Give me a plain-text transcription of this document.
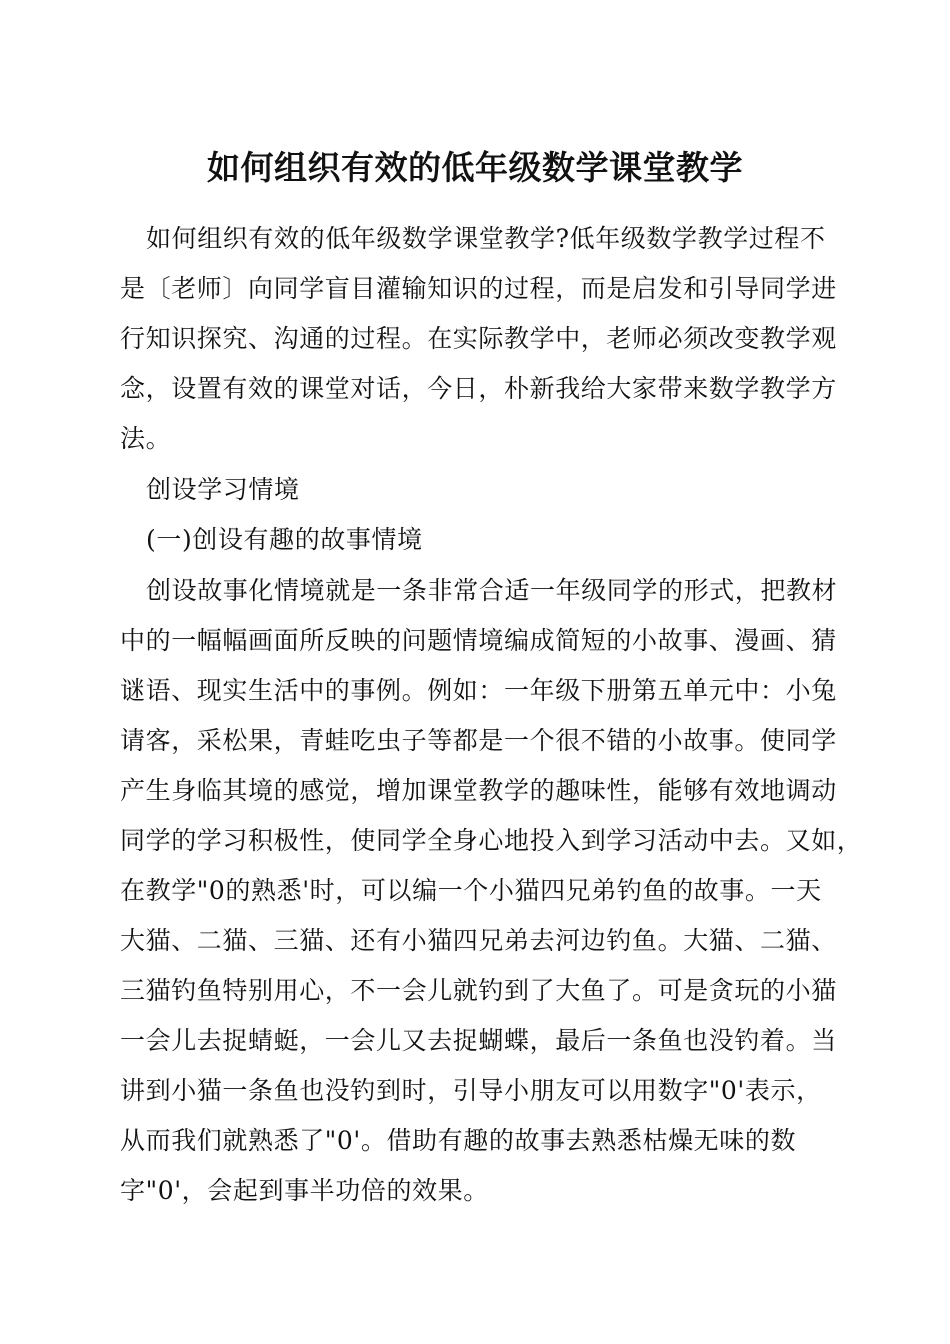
如何组织有效的低年级数学课堂教学
如何组织有效的低年级数学课堂教学?低年级数学教学过程不
是〔老师〕向同学盲目灌输知识的过程，而是启发和引导同学进
行知识探究、沟通的过程。在实际教学中，老师必须改变教学观
念，设置有效的课堂对话，今日，朴新我给大家带来数学教学方
法。
创设学习情境
(一)创设有趣的故事情境
创设故事化情境就是一条非常合适一年级同学的形式，把教材
中的一幅幅画面所反映的问题情境编成简短的小故事、漫画、猜
谜语、现实生活中的事例。例如：一年级下册第五单元中：小兔
请客，采松果，青蛙吃虫子等都是一个很不错的小故事。使同学
产生身临其境的感觉，增加课堂教学的趣味性，能够有效地调动
同学的学习积极性，使同学全身心地投入到学习活动中去。又如，
在教学"0的熟悉'时，可以编一个小猫四兄弟钓鱼的故事。一天
大猫、二猫、三猫、还有小猫四兄弟去河边钓鱼。大猫、二猫、
三猫钓鱼特别用心，不一会儿就钓到了大鱼了。可是贪玩的小猫
一会儿去捉蜻蜓，一会儿又去捉蝴蝶，最后一条鱼也没钓着。当
讲到小猫一条鱼也没钓到时，引导小朋友可以用数字"0'表示，
从而我们就熟悉了"0'。借助有趣的故事去熟悉枯燥无味的数
字"0'，会起到事半功倍的效果。
